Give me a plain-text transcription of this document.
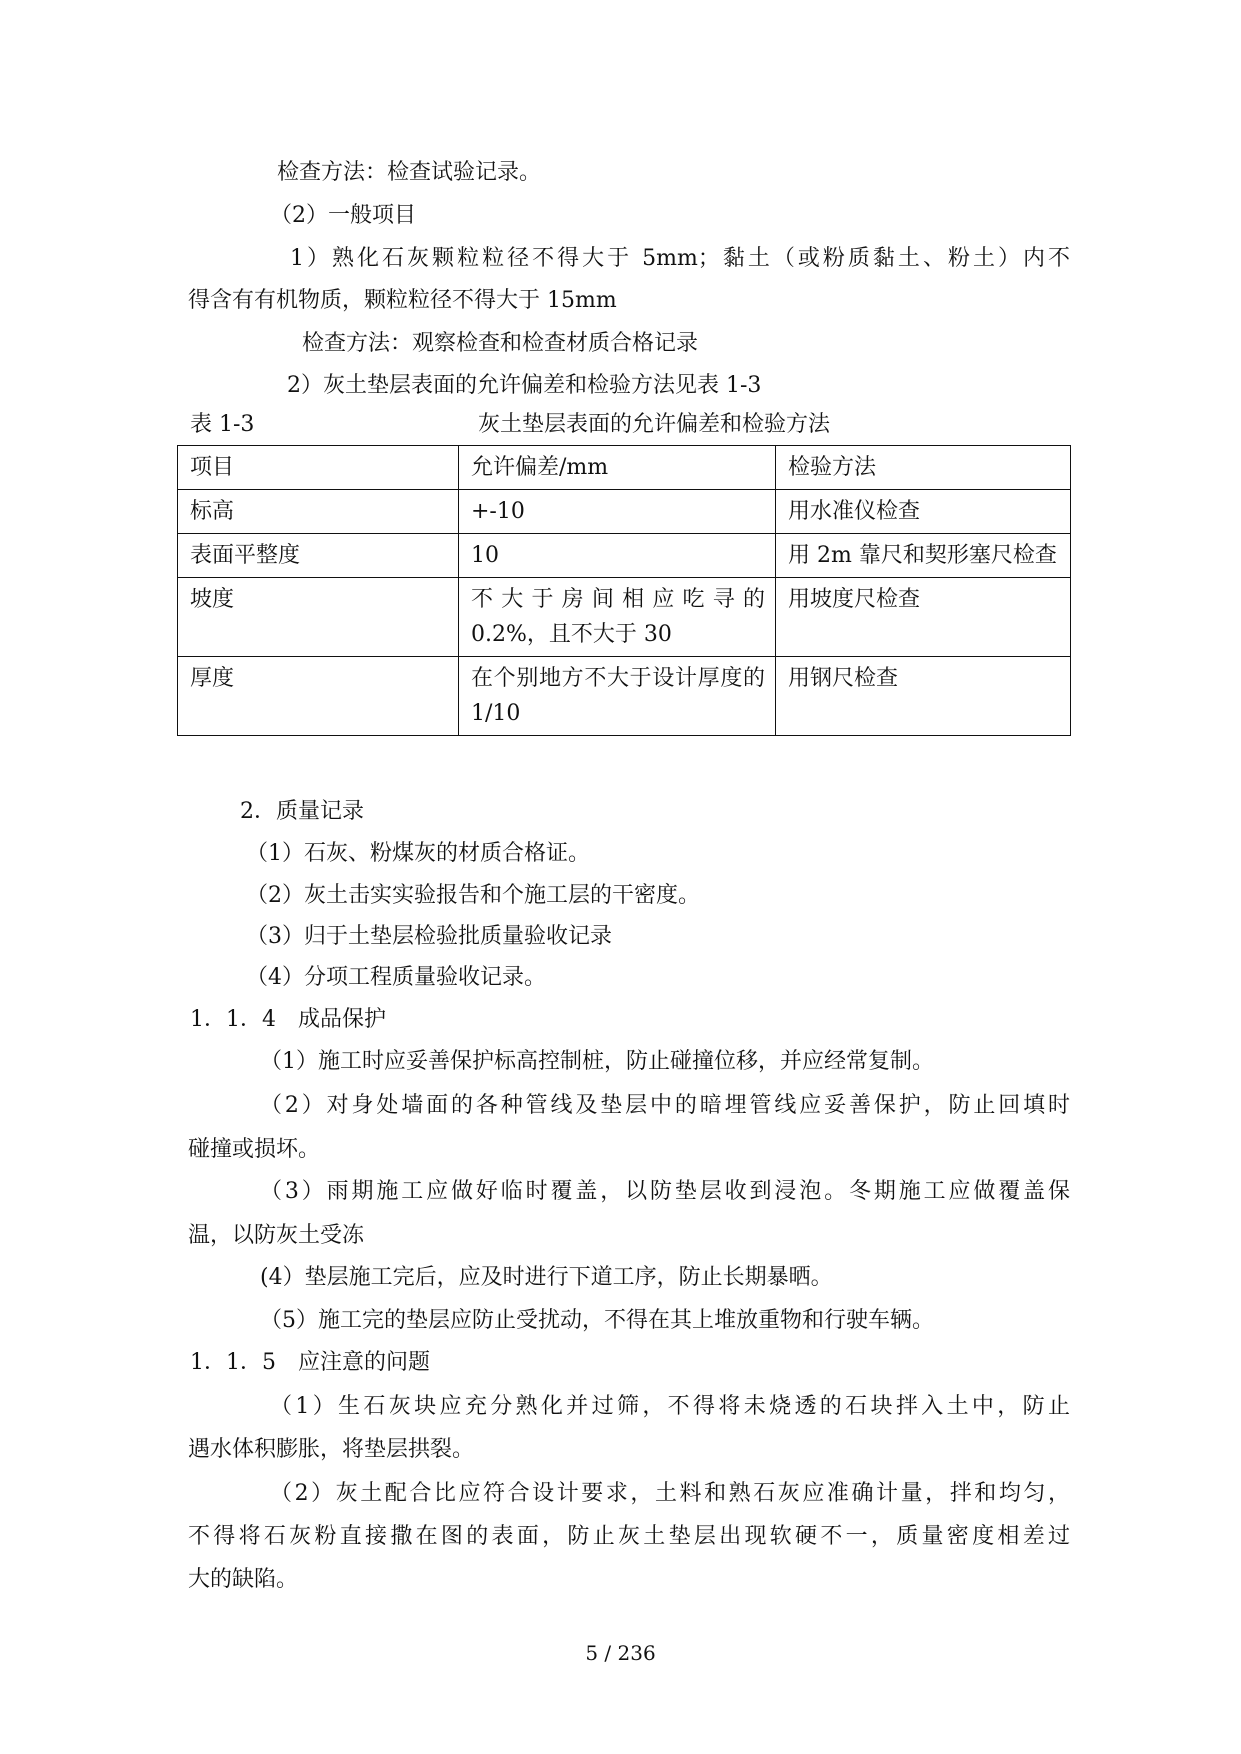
检查方法：检查试验记录。
（2）一般项目
1）熟化石灰颗粒粒径不得大于 5mm；黏土（或粉质黏土、粉土）内不
得含有有机物质，颗粒粒径不得大于 15mm
检查方法：观察检查和检查材质合格记录
2）灰土垫层表面的允许偏差和检验方法见表 1-3
表 1-3	灰土垫层表面的允许偏差和检验方法
项目	允许偏差/mm	检验方法
标高	+-10	用水准仪检查
表面平整度	10	用 2m 靠尺和契形塞尺检查
坡度	不大于房间相应吃寻的 0.2%，且不大于 30	用坡度尺检查
厚度	在个别地方不大于设计厚度的 1/10	用钢尺检查
2．质量记录
（1）石灰、粉煤灰的材质合格证。
（2）灰土击实实验报告和个施工层的干密度。
（3）归于土垫层检验批质量验收记录
（4）分项工程质量验收记录。
1．1．4　成品保护
（1）施工时应妥善保护标高控制桩，防止碰撞位移，并应经常复制。
（2）对身处墙面的各种管线及垫层中的暗埋管线应妥善保护，防止回填时
碰撞或损坏。
（3）雨期施工应做好临时覆盖，以防垫层收到浸泡。冬期施工应做覆盖保
温，以防灰土受冻
(4）垫层施工完后，应及时进行下道工序，防止长期暴晒。
（5）施工完的垫层应防止受扰动，不得在其上堆放重物和行驶车辆。
1．1．5　应注意的问题
（1）生石灰块应充分熟化并过筛，不得将未烧透的石块拌入土中，防止
遇水体积膨胀，将垫层拱裂。
（2）灰土配合比应符合设计要求，土料和熟石灰应准确计量，拌和均匀，
不得将石灰粉直接撒在图的表面，防止灰土垫层出现软硬不一，质量密度相差过
大的缺陷。
5 / 236
